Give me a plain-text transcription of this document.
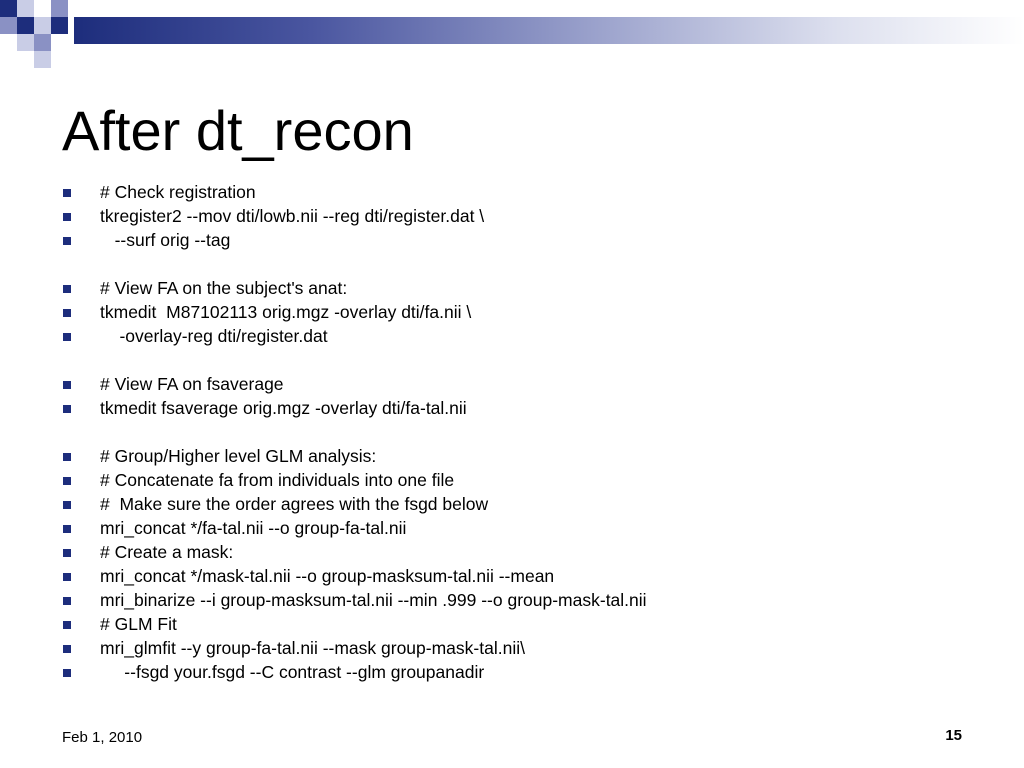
After dt_recon

# Check registration

tkregister2 --mov dti/lowb.nii --reg dti/register.dat \

--surf orig --tag

# View FA on the subject's anat:

tkmedit  M87102113 orig.mgz -overlay dti/fa.nii \

-overlay-reg dti/register.dat

# View FA on fsaverage

tkmedit fsaverage orig.mgz -overlay dti/fa-tal.nii

# Group/Higher level GLM analysis:

# Concatenate fa from individuals into one file

#  Make sure the order agrees with the fsgd below

mri_concat */fa-tal.nii --o group-fa-tal.nii

# Create a mask:

mri_concat */mask-tal.nii --o group-masksum-tal.nii --mean

mri_binarize --i group-masksum-tal.nii --min .999 --o group-mask-tal.nii

# GLM Fit

mri_glmfit --y group-fa-tal.nii --mask group-mask-tal.nii\

--fsgd your.fsgd --C contrast --glm groupanadir

Feb 1, 2010	15
